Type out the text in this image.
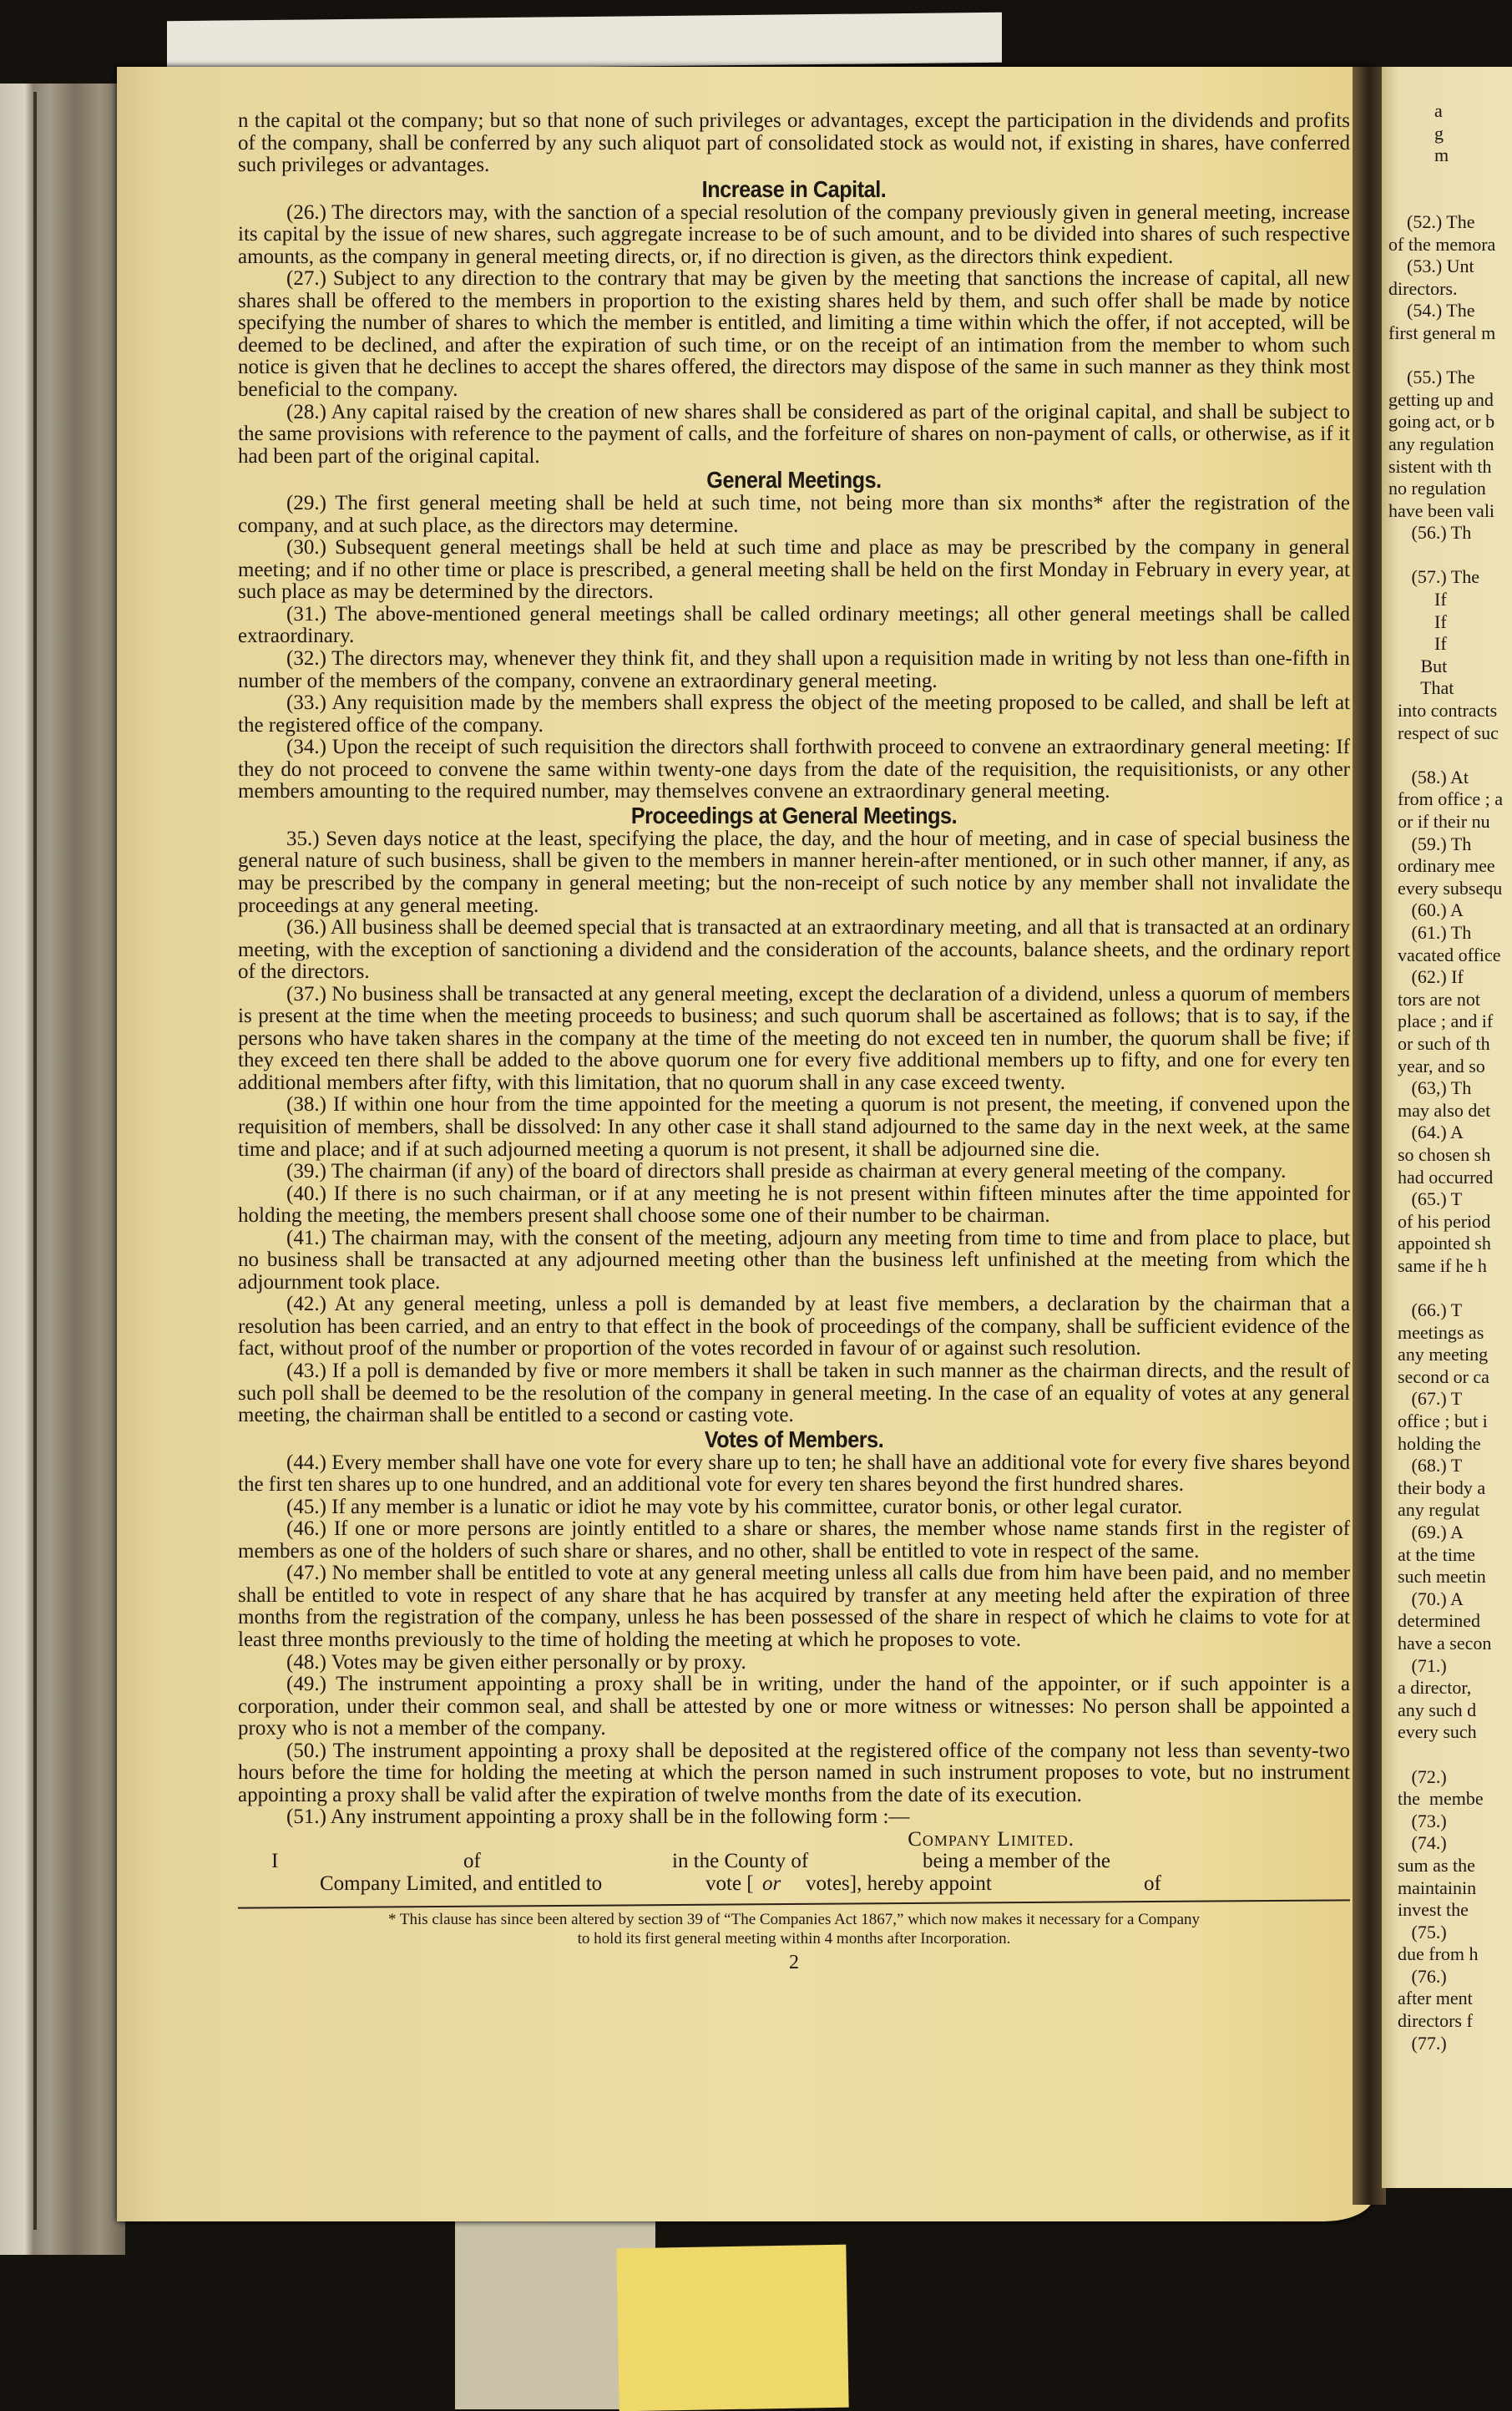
a
g
m
(52.) The
of the memora
(53.) Unt
directors.
(54.) The
first general m
(55.) The
getting up and
going act, or b
any regulation
sistent with th
no regulation
have been vali
(56.) Th
(57.) The
If
If
If
But
That
into contracts
respect of suc
(58.) At
from office ; a
or if their nu
(59.) Th
ordinary mee
every subsequ
(60.) A
(61.) Th
vacated office
(62.) If
tors are not
place ; and if
or such of th
year, and so
(63,) Th
may also det
(64.) A
so chosen sh
had occurred
(65.) T
of his period
appointed sh
same if he h
(66.) T
meetings as
any meeting
second or ca
(67.) T
office ; but i
holding the
(68.) T
their body a
any regulat
(69.) A
at the time
such meetin
(70.) A
determined
have a secon
(71.)
a director,
any such d
every such
(72.)
the  membe
(73.)
(74.)
sum as the
maintainin
invest the
(75.)
due from h
(76.)
after ment
directors f
(77.)

n the capital ot the company; but so that none of such privileges or advantages, except the participation in the dividends and profits of the company, shall be conferred by any such aliquot part of consolidated stock as would not, if existing in shares, have conferred such privileges or advantages.

Increase in Capital.

(26.) The directors may, with the sanction of a special resolution of the company previously given in general meeting, increase its capital by the issue of new shares, such aggregate increase to be of such amount, and to be divided into shares of such respective amounts, as the company in general meeting directs, or, if no direction is given, as the directors think expedient.

(27.) Subject to any direction to the contrary that may be given by the meeting that sanctions the increase of capital, all new shares shall be offered to the members in proportion to the existing shares held by them, and such offer shall be made by notice specifying the number of shares to which the member is entitled, and limiting a time within which the offer, if not accepted, will be deemed to be declined, and after the expiration of such time, or on the receipt of an intimation from the member to whom such notice is given that he declines to accept the shares offered, the directors may dispose of the same in such manner as they think most beneficial to the company.

(28.) Any capital raised by the creation of new shares shall be considered as part of the original capital, and shall be subject to the same provisions with reference to the payment of calls, and the forfeiture of shares on non-payment of calls, or otherwise, as if it had been part of the original capital.

General Meetings.

(29.) The first general meeting shall be held at such time, not being more than six months* after the registration of the company, and at such place, as the directors may determine.

(30.) Subsequent general meetings shall be held at such time and place as may be prescribed by the company in general meeting; and if no other time or place is prescribed, a general meeting shall be held on the first Monday in February in every year, at such place as may be determined by the directors.

(31.) The above-mentioned general meetings shall be called ordinary meetings; all other general meetings shall be called extraordinary.

(32.) The directors may, whenever they think fit, and they shall upon a requisition made in writing by not less than one-fifth in number of the members of the company, convene an extraordinary general meeting.

(33.) Any requisition made by the members shall express the object of the meeting proposed to be called, and shall be left at the registered office of the company.

(34.) Upon the receipt of such requisition the directors shall forthwith proceed to convene an extraordinary general meeting: If they do not proceed to convene the same within twenty-one days from the date of the requisition, the requisitionists, or any other members amounting to the required number, may themselves convene an extraordinary general meeting.

Proceedings at General Meetings.

35.) Seven days notice at the least, specifying the place, the day, and the hour of meeting, and in case of special business the general nature of such business, shall be given to the members in manner herein-after mentioned, or in such other manner, if any, as may be prescribed by the company in general meeting; but the non-receipt of such notice by any member shall not invalidate the proceedings at any general meeting.

(36.) All business shall be deemed special that is transacted at an extraordinary meeting, and all that is transacted at an ordinary meeting, with the exception of sanctioning a dividend and the consideration of the accounts, balance sheets, and the ordinary report of the directors.

(37.) No business shall be transacted at any general meeting, except the declaration of a dividend, unless a quorum of members is present at the time when the meeting proceeds to business; and such quorum shall be ascertained as follows; that is to say, if the persons who have taken shares in the company at the time of the meeting do not exceed ten in number, the quorum shall be five; if they exceed ten there shall be added to the above quorum one for every five additional members up to fifty, and one for every ten additional members after fifty, with this limitation, that no quorum shall in any case exceed twenty.

(38.) If within one hour from the time appointed for the meeting a quorum is not present, the meeting, if convened upon the requisition of members, shall be dissolved: In any other case it shall stand adjourned to the same day in the next week, at the same time and place; and if at such adjourned meeting a quorum is not present, it shall be adjourned sine die.

(39.) The chairman (if any) of the board of directors shall preside as chairman at every general meeting of the company.

(40.) If there is no such chairman, or if at any meeting he is not present within fifteen minutes after the time appointed for holding the meeting, the members present shall choose some one of their number to be chairman.

(41.) The chairman may, with the consent of the meeting, adjourn any meeting from time to time and from place to place, but no business shall be transacted at any adjourned meeting other than the business left unfinished at the meeting from which the adjournment took place.

(42.) At any general meeting, unless a poll is demanded by at least five members, a declaration by the chairman that a resolution has been carried, and an entry to that effect in the book of proceedings of the company, shall be sufficient evidence of the fact, without proof of the number or proportion of the votes recorded in favour of or against such resolution.

(43.) If a poll is demanded by five or more members it shall be taken in such manner as the chairman directs, and the result of such poll shall be deemed to be the resolution of the company in general meeting. In the case of an equality of votes at any general meeting, the chairman shall be entitled to a second or casting vote.

Votes of Members.

(44.) Every member shall have one vote for every share up to ten; he shall have an additional vote for every five shares beyond the first ten shares up to one hundred, and an additional vote for every ten shares beyond the first hundred shares.

(45.) If any member is a lunatic or idiot he may vote by his committee, curator bonis, or other legal curator.

(46.) If one or more persons are jointly entitled to a share or shares, the member whose name stands first in the register of members as one of the holders of such share or shares, and no other, shall be entitled to vote in respect of the same.

(47.) No member shall be entitled to vote at any general meeting unless all calls due from him have been paid, and no member shall be entitled to vote in respect of any share that he has acquired by transfer at any meeting held after the expiration of three months from the registration of the company, unless he has been possessed of the share in respect of which he claims to vote for at least three months previously to the time of holding the meeting at which he proposes to vote.

(48.) Votes may be given either personally or by proxy.

(49.) The instrument appointing a proxy shall be in writing, under the hand of the appointer, or if such appointer is a corporation, under their common seal, and shall be attested by one or more witness or witnesses: No person shall be appointed a proxy who is not a member of the company.

(50.) The instrument appointing a proxy shall be deposited at the registered office of the company not less than seventy-two hours before the time for holding the meeting at which the person named in such instrument proposes to vote, but no instrument appointing a proxy shall be valid after the expiration of twelve months from the date of its execution.

(51.) Any instrument appointing a proxy shall be in the following form :—

Company Limited.

I	of	in the County of	being a member of the
Company Limited, and entitled to	vote [ or votes], hereby appoint	of

* This clause has since been altered by section 39 of “The Companies Act 1867,” which now makes it necessary for a Company

to hold its first general meeting within 4 months after Incorporation.

2
